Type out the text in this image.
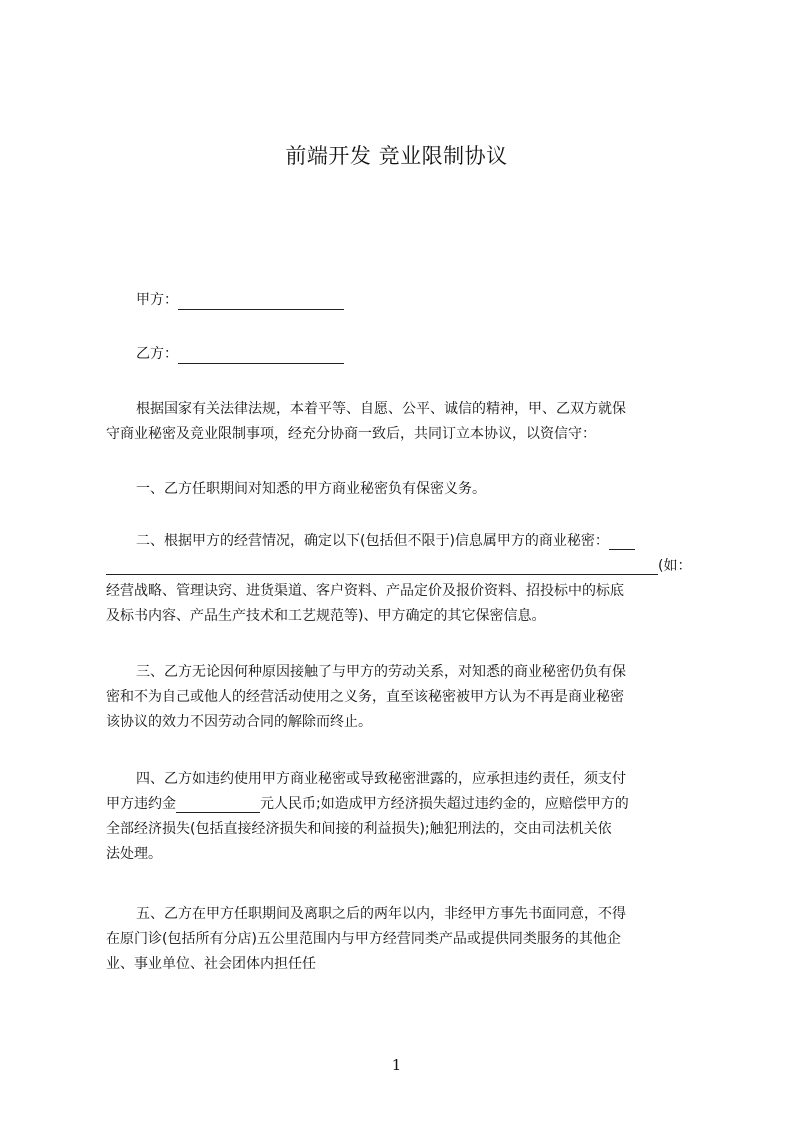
前端开发 竞业限制协议
甲方：
乙方：
根据国家有关法律法规，本着平等、自愿、公平、诚信的精神，甲、乙双方就保
守商业秘密及竞业限制事项，经充分协商一致后，共同订立本协议，以资信守：
一、乙方任职期间对知悉的甲方商业秘密负有保密义务。
二、根据甲方的经营情况，确定以下(包括但不限于)信息属甲方的商业秘密：
(如：
经营战略、管理诀窍、进货渠道、客户资料、产品定价及报价资料、招投标中的标底
及标书内容、产品生产技术和工艺规范等)、甲方确定的其它保密信息。
三、乙方无论因何种原因接触了与甲方的劳动关系，对知悉的商业秘密仍负有保
密和不为自己或他人的经营活动使用之义务，直至该秘密被甲方认为不再是商业秘密
该协议的效力不因劳动合同的解除而终止。
四、乙方如违约使用甲方商业秘密或导致秘密泄露的，应承担违约责任，须支付
甲方违约金	元人民币;如造成甲方经济损失超过违约金的，应赔偿甲方的
全部经济损失(包括直接经济损失和间接的利益损失);触犯刑法的，交由司法机关依
法处理。
五、乙方在甲方任职期间及离职之后的两年以内，非经甲方事先书面同意，不得
在原门诊(包括所有分店)五公里范围内与甲方经营同类产品或提供同类服务的其他企
业、事业单位、社会团体内担任任
1
